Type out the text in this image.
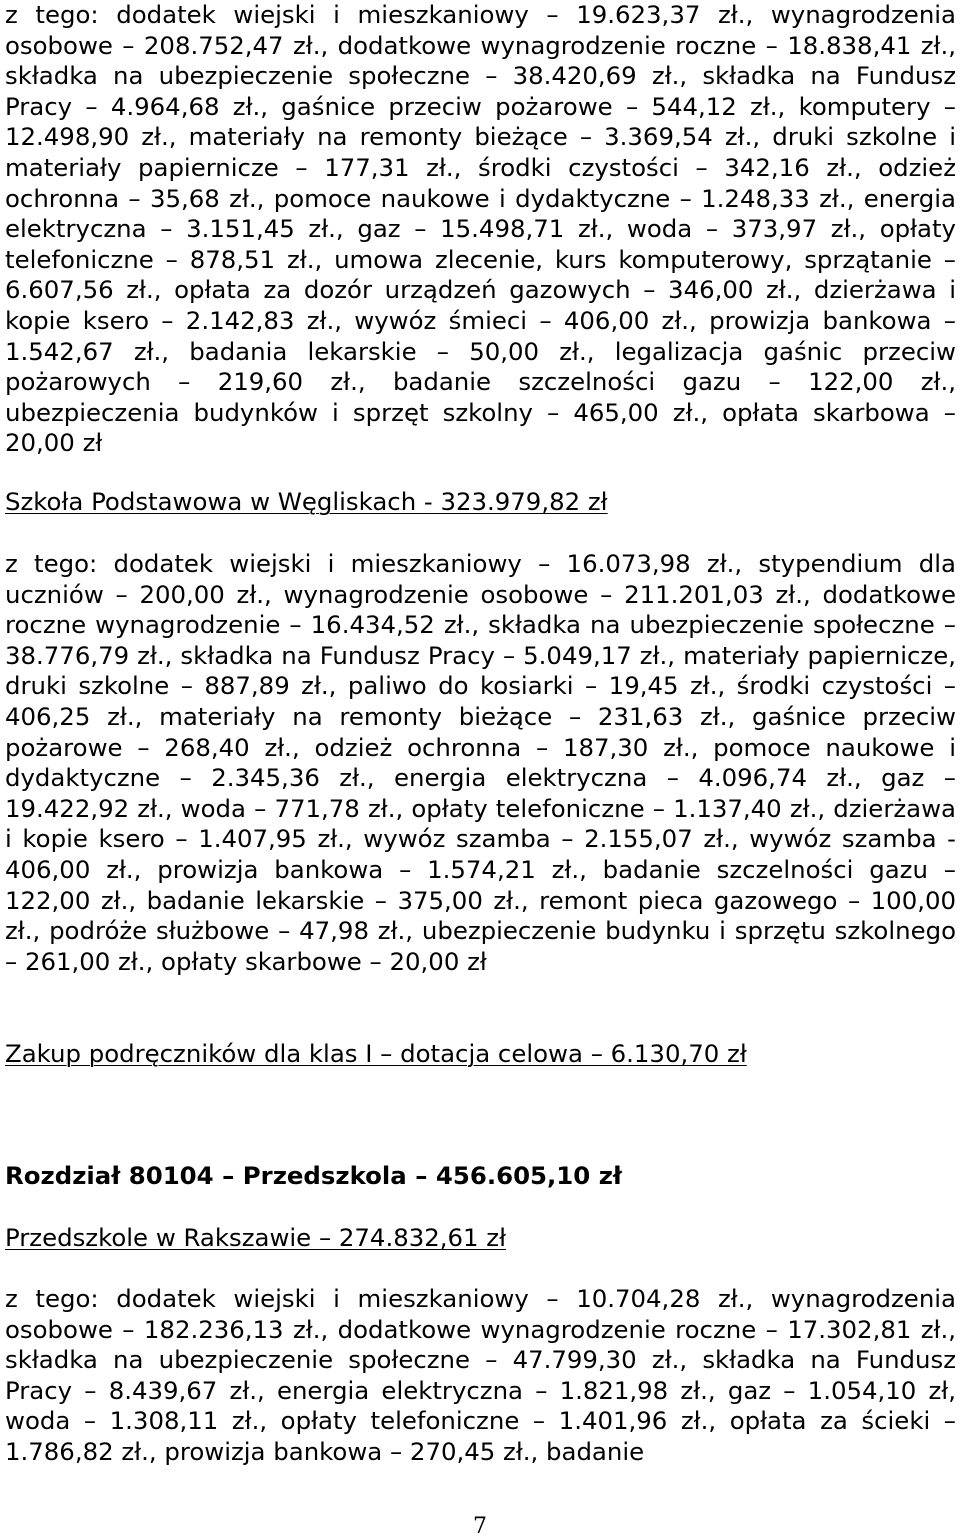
z tego: dodatek wiejski i mieszkaniowy – 19.623,37 zł., wynagrodzenia osobowe – 208.752,47 zł., dodatkowe wynagrodzenie roczne – 18.838,41 zł., składka na ubezpieczenie społeczne – 38.420,69 zł., składka na Fundusz Pracy – 4.964,68 zł., gaśnice przeciw pożarowe – 544,12 zł., komputery – 12.498,90 zł., materiały na remonty bieżące – 3.369,54 zł., druki szkolne i materiały papiernicze – 177,31 zł., środki czystości – 342,16 zł., odzież ochronna – 35,68 zł., pomoce naukowe i dydaktyczne – 1.248,33 zł., energia elektryczna – 3.151,45 zł., gaz – 15.498,71 zł., woda – 373,97 zł., opłaty telefoniczne – 878,51 zł., umowa zlecenie, kurs komputerowy, sprzątanie – 6.607,56 zł., opłata za dozór urządzeń gazowych – 346,00 zł., dzierżawa i kopie ksero – 2.142,83 zł., wywóz śmieci – 406,00 zł., prowizja bankowa – 1.542,67 zł., badania lekarskie – 50,00 zł., legalizacja gaśnic przeciw pożarowych – 219,60 zł., badanie szczelności gazu – 122,00 zł., ubezpieczenia budynków i sprzęt szkolny – 465,00 zł., opłata skarbowa – 20,00 zł

Szkoła Podstawowa w Węgliskach - 323.979,82 zł

z tego: dodatek wiejski i mieszkaniowy – 16.073,98 zł., stypendium dla uczniów – 200,00 zł., wynagrodzenie osobowe – 211.201,03 zł., dodatkowe roczne wynagrodzenie – 16.434,52 zł., składka na ubezpieczenie społeczne – 38.776,79 zł., składka na Fundusz Pracy – 5.049,17 zł., materiały papiernicze, druki szkolne – 887,89 zł., paliwo do kosiarki – 19,45 zł., środki czystości – 406,25 zł., materiały na remonty bieżące – 231,63 zł., gaśnice przeciw pożarowe – 268,40 zł., odzież ochronna – 187,30 zł., pomoce naukowe i dydaktyczne – 2.345,36 zł., energia elektryczna – 4.096,74 zł., gaz – 19.422,92 zł., woda – 771,78 zł., opłaty telefoniczne – 1.137,40 zł., dzierżawa i kopie ksero – 1.407,95 zł., wywóz szamba – 2.155,07 zł., wywóz szamba - 406,00 zł., prowizja bankowa – 1.574,21 zł., badanie szczelności gazu – 122,00 zł., badanie lekarskie – 375,00 zł., remont pieca gazowego – 100,00 zł., podróże służbowe – 47,98 zł., ubezpieczenie budynku i sprzętu szkolnego – 261,00 zł., opłaty skarbowe – 20,00 zł

Zakup podręczników dla klas I – dotacja celowa – 6.130,70 zł

Rozdział 80104 – Przedszkola – 456.605,10 zł

Przedszkole w Rakszawie – 274.832,61 zł

z tego: dodatek wiejski i mieszkaniowy – 10.704,28 zł., wynagrodzenia osobowe – 182.236,13 zł., dodatkowe wynagrodzenie roczne – 17.302,81 zł., składka na ubezpieczenie społeczne – 47.799,30 zł., składka na Fundusz Pracy – 8.439,67 zł., energia elektryczna – 1.821,98 zł., gaz – 1.054,10 zł, woda – 1.308,11 zł., opłaty telefoniczne – 1.401,96 zł., opłata za ścieki – 1.786,82 zł., prowizja bankowa – 270,45 zł., badanie

7
